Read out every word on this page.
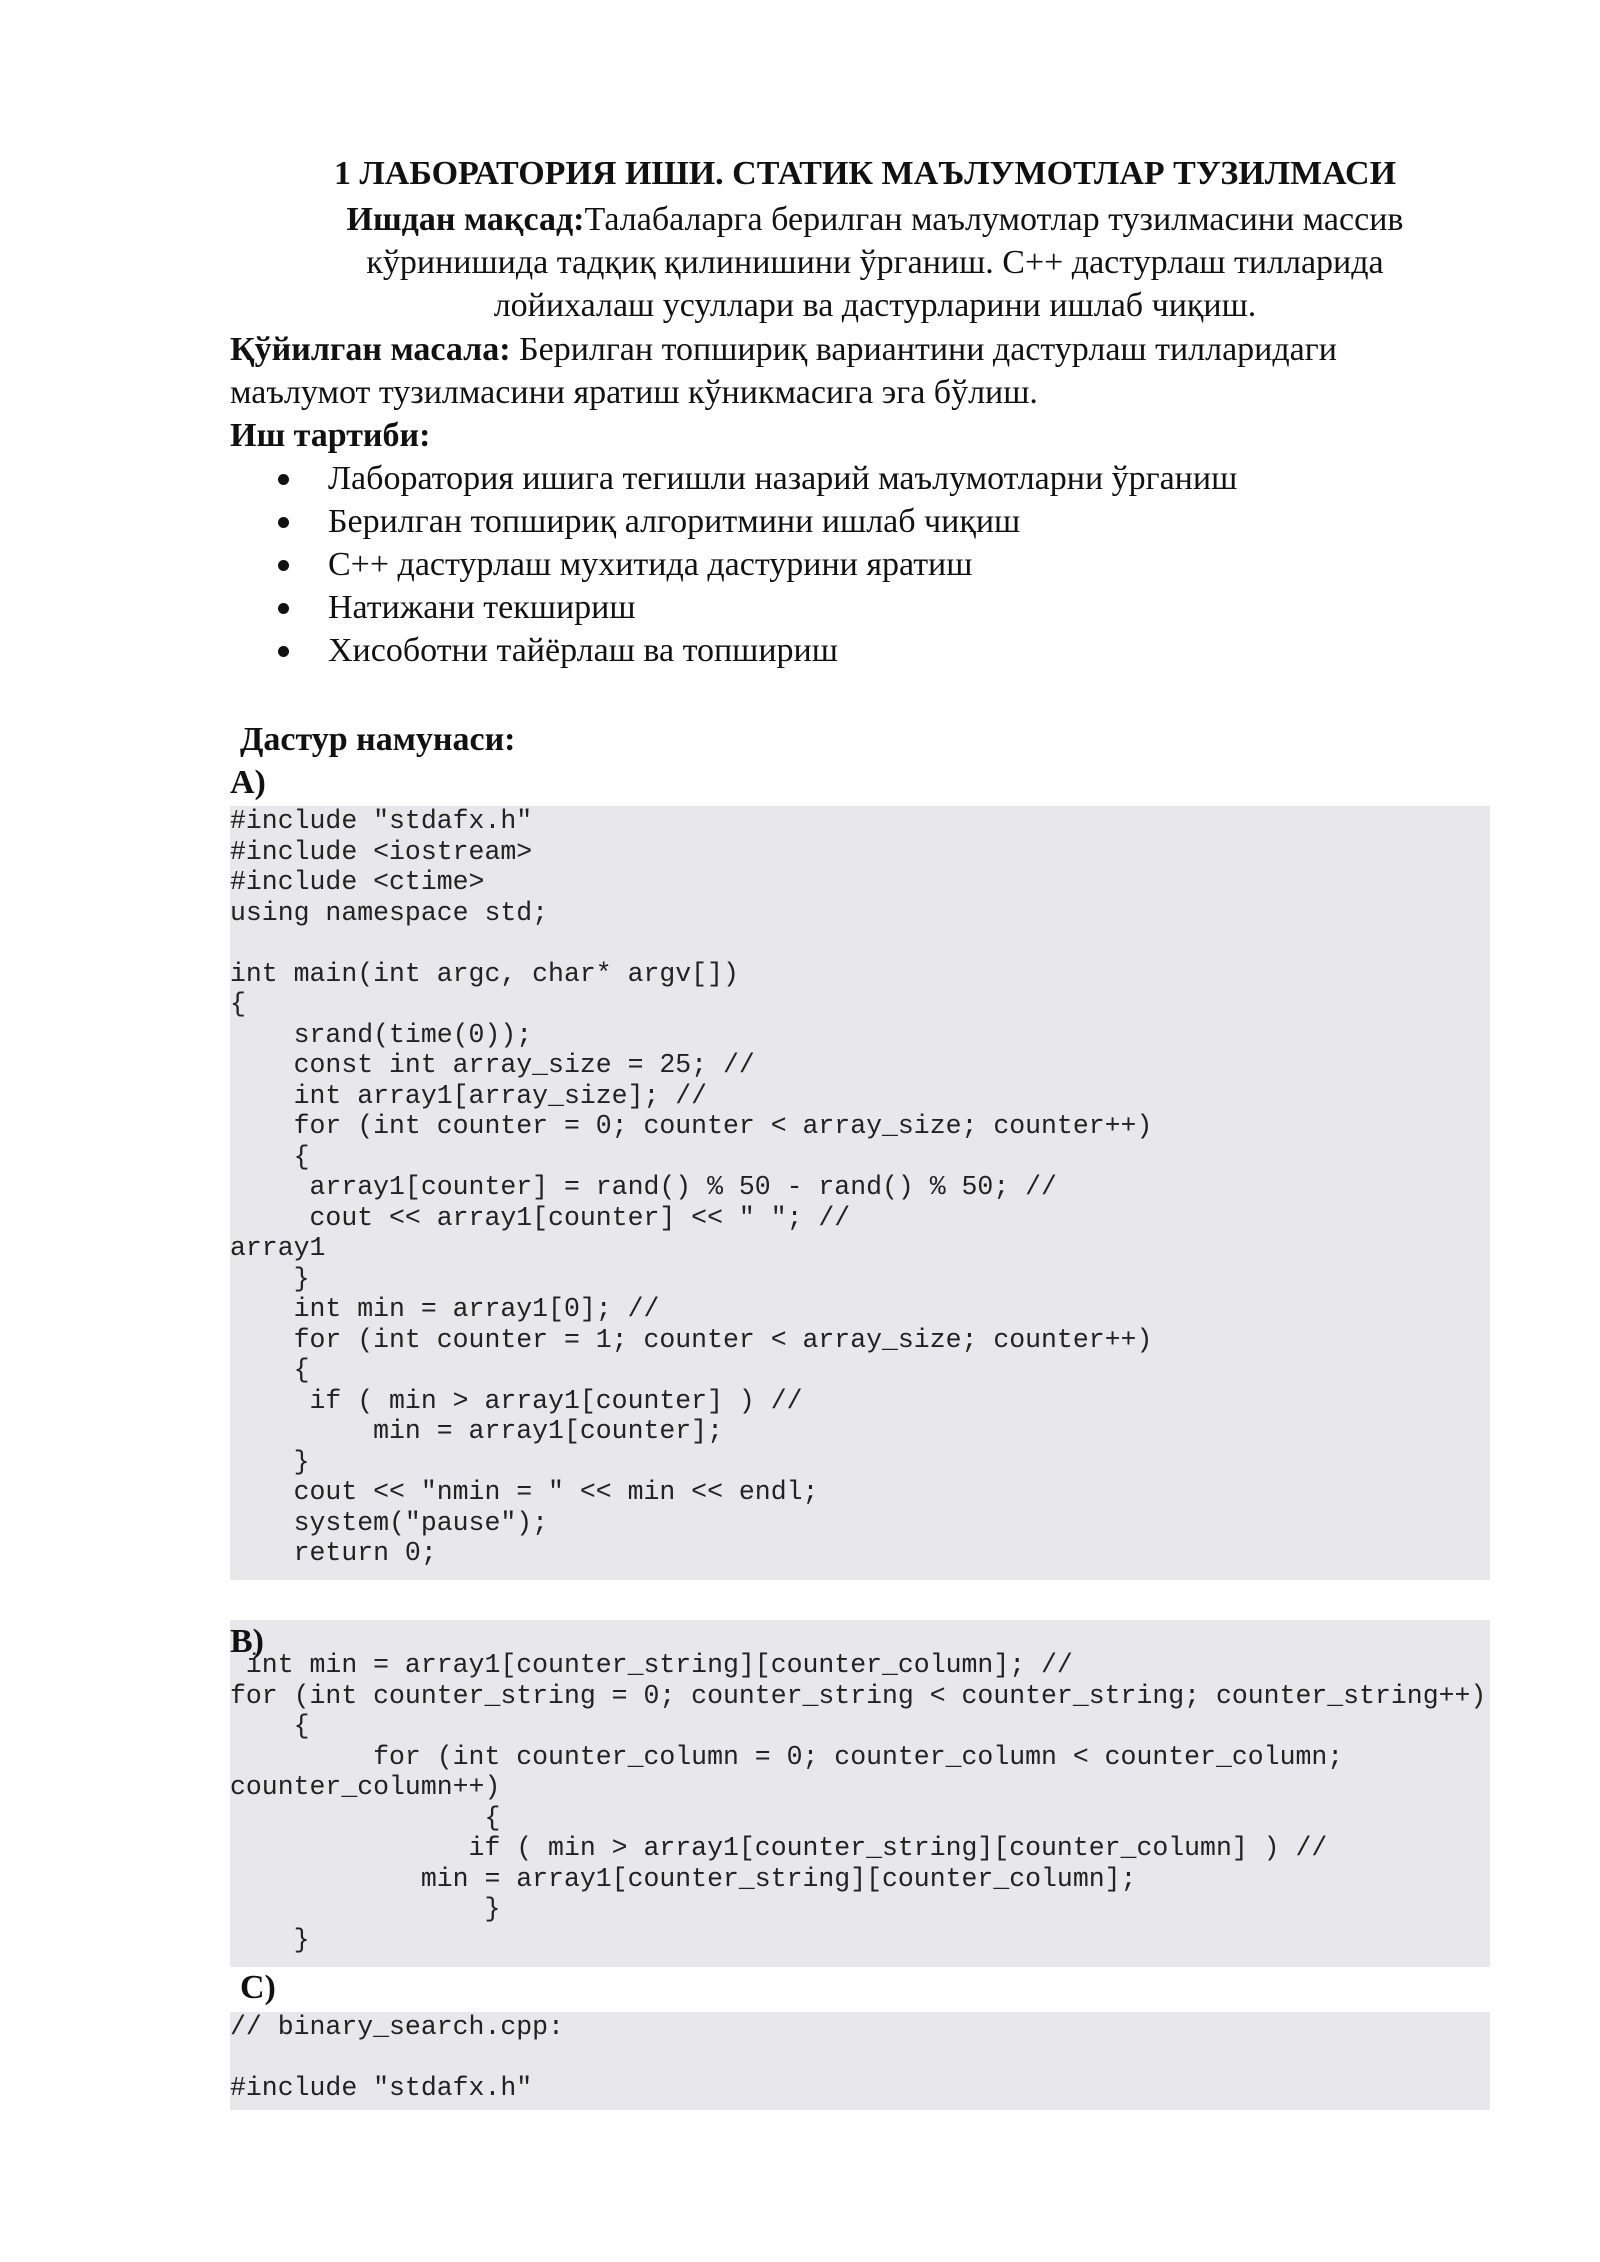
1 ЛАБОРАТОРИЯ ИШИ. СТАТИК МАЪЛУМОТЛАР ТУЗИЛМАСИ
Ишдан мақсад:Талабаларга берилган маълумотлар тузилмасини массив
кўринишида тадқиқ қилинишини ўрганиш. С++ дастурлаш тилларида
лойихалаш усуллари ва дастурларини ишлаб чиқиш.
Қўйилган масала: Берилган топшириқ вариантини дастурлаш тилларидаги
маълумот тузилмасини яратиш кўникмасига эга бўлиш.
Иш тартиби:
Лаборатория ишига тегишли назарий маълумотларни ўрганиш
Берилган топшириқ алгоритмини ишлаб чиқиш
С++ дастурлаш мухитида дастурини яратиш
Натижани текшириш
Хисоботни тайёрлаш ва топшириш
Дастур намунаси:
A)
#include "stdafx.h"
#include <iostream>
#include <ctime>
using namespace std;

int main(int argc, char* argv[])
{
srand(time(0));
const int array_size = 25; //
int array1[array_size]; //
for (int counter = 0; counter < array_size; counter++)
{
array1[counter] = rand() % 50 - rand() % 50; //
cout << array1[counter] << " "; //
array1
}
int min = array1[0]; //
for (int counter = 1; counter < array_size; counter++)
{
if ( min > array1[counter] ) //
min = array1[counter];
}
cout << "nmin = " << min << endl;
system("pause");
return 0;
B)
int min = array1[counter_string][counter_column]; //
for (int counter_string = 0; counter_string < counter_string; counter_string++)
{
for (int counter_column = 0; counter_column < counter_column;
counter_column++)
{
if ( min > array1[counter_string][counter_column] ) //
min = array1[counter_string][counter_column];
}
}
C)
// binary_search.cpp:

#include "stdafx.h"
